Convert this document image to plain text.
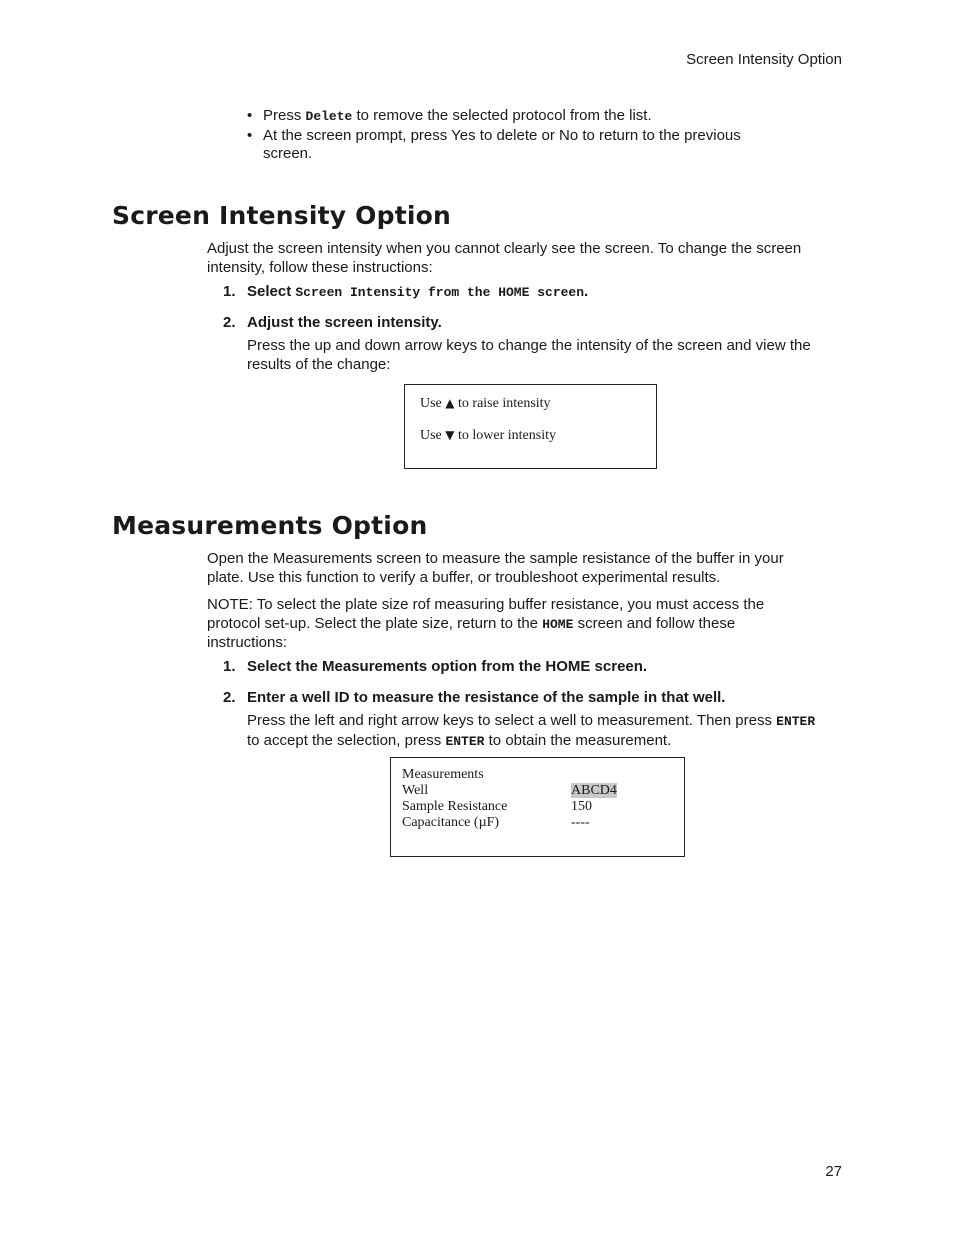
Screen Intensity Option
• Press Delete to remove the selected protocol from the list.
• At the screen prompt, press Yes to delete or No to return to the previous
screen.
Screen Intensity Option
Adjust the screen intensity when you cannot clearly see the screen. To change the screen
intensity, follow these instructions:
1. Select Screen Intensity from the HOME screen.
2. Adjust the screen intensity.
Press the up and down arrow keys to change the intensity of the screen and view the
results of the change:
Use ▲ to raise intensity
Use ▼ to lower intensity
Measurements Option
Open the Measurements screen to measure the sample resistance of the buffer in your
plate. Use this function to verify a buffer, or troubleshoot experimental results.
NOTE: To select the plate size rof measuring buffer resistance, you must access the
protocol set-up. Select the plate size, return to the HOME screen and follow these
instructions:
1. Select the Measurements option from the HOME screen.
2. Enter a well ID to measure the resistance of the sample in that well.
Press the left and right arrow keys to select a well to measurement. Then press ENTER
to accept the selection, press ENTER to obtain the measurement.
Measurements
Well	ABCD4
Sample Resistance	150
Capacitance (µF)	----
27
